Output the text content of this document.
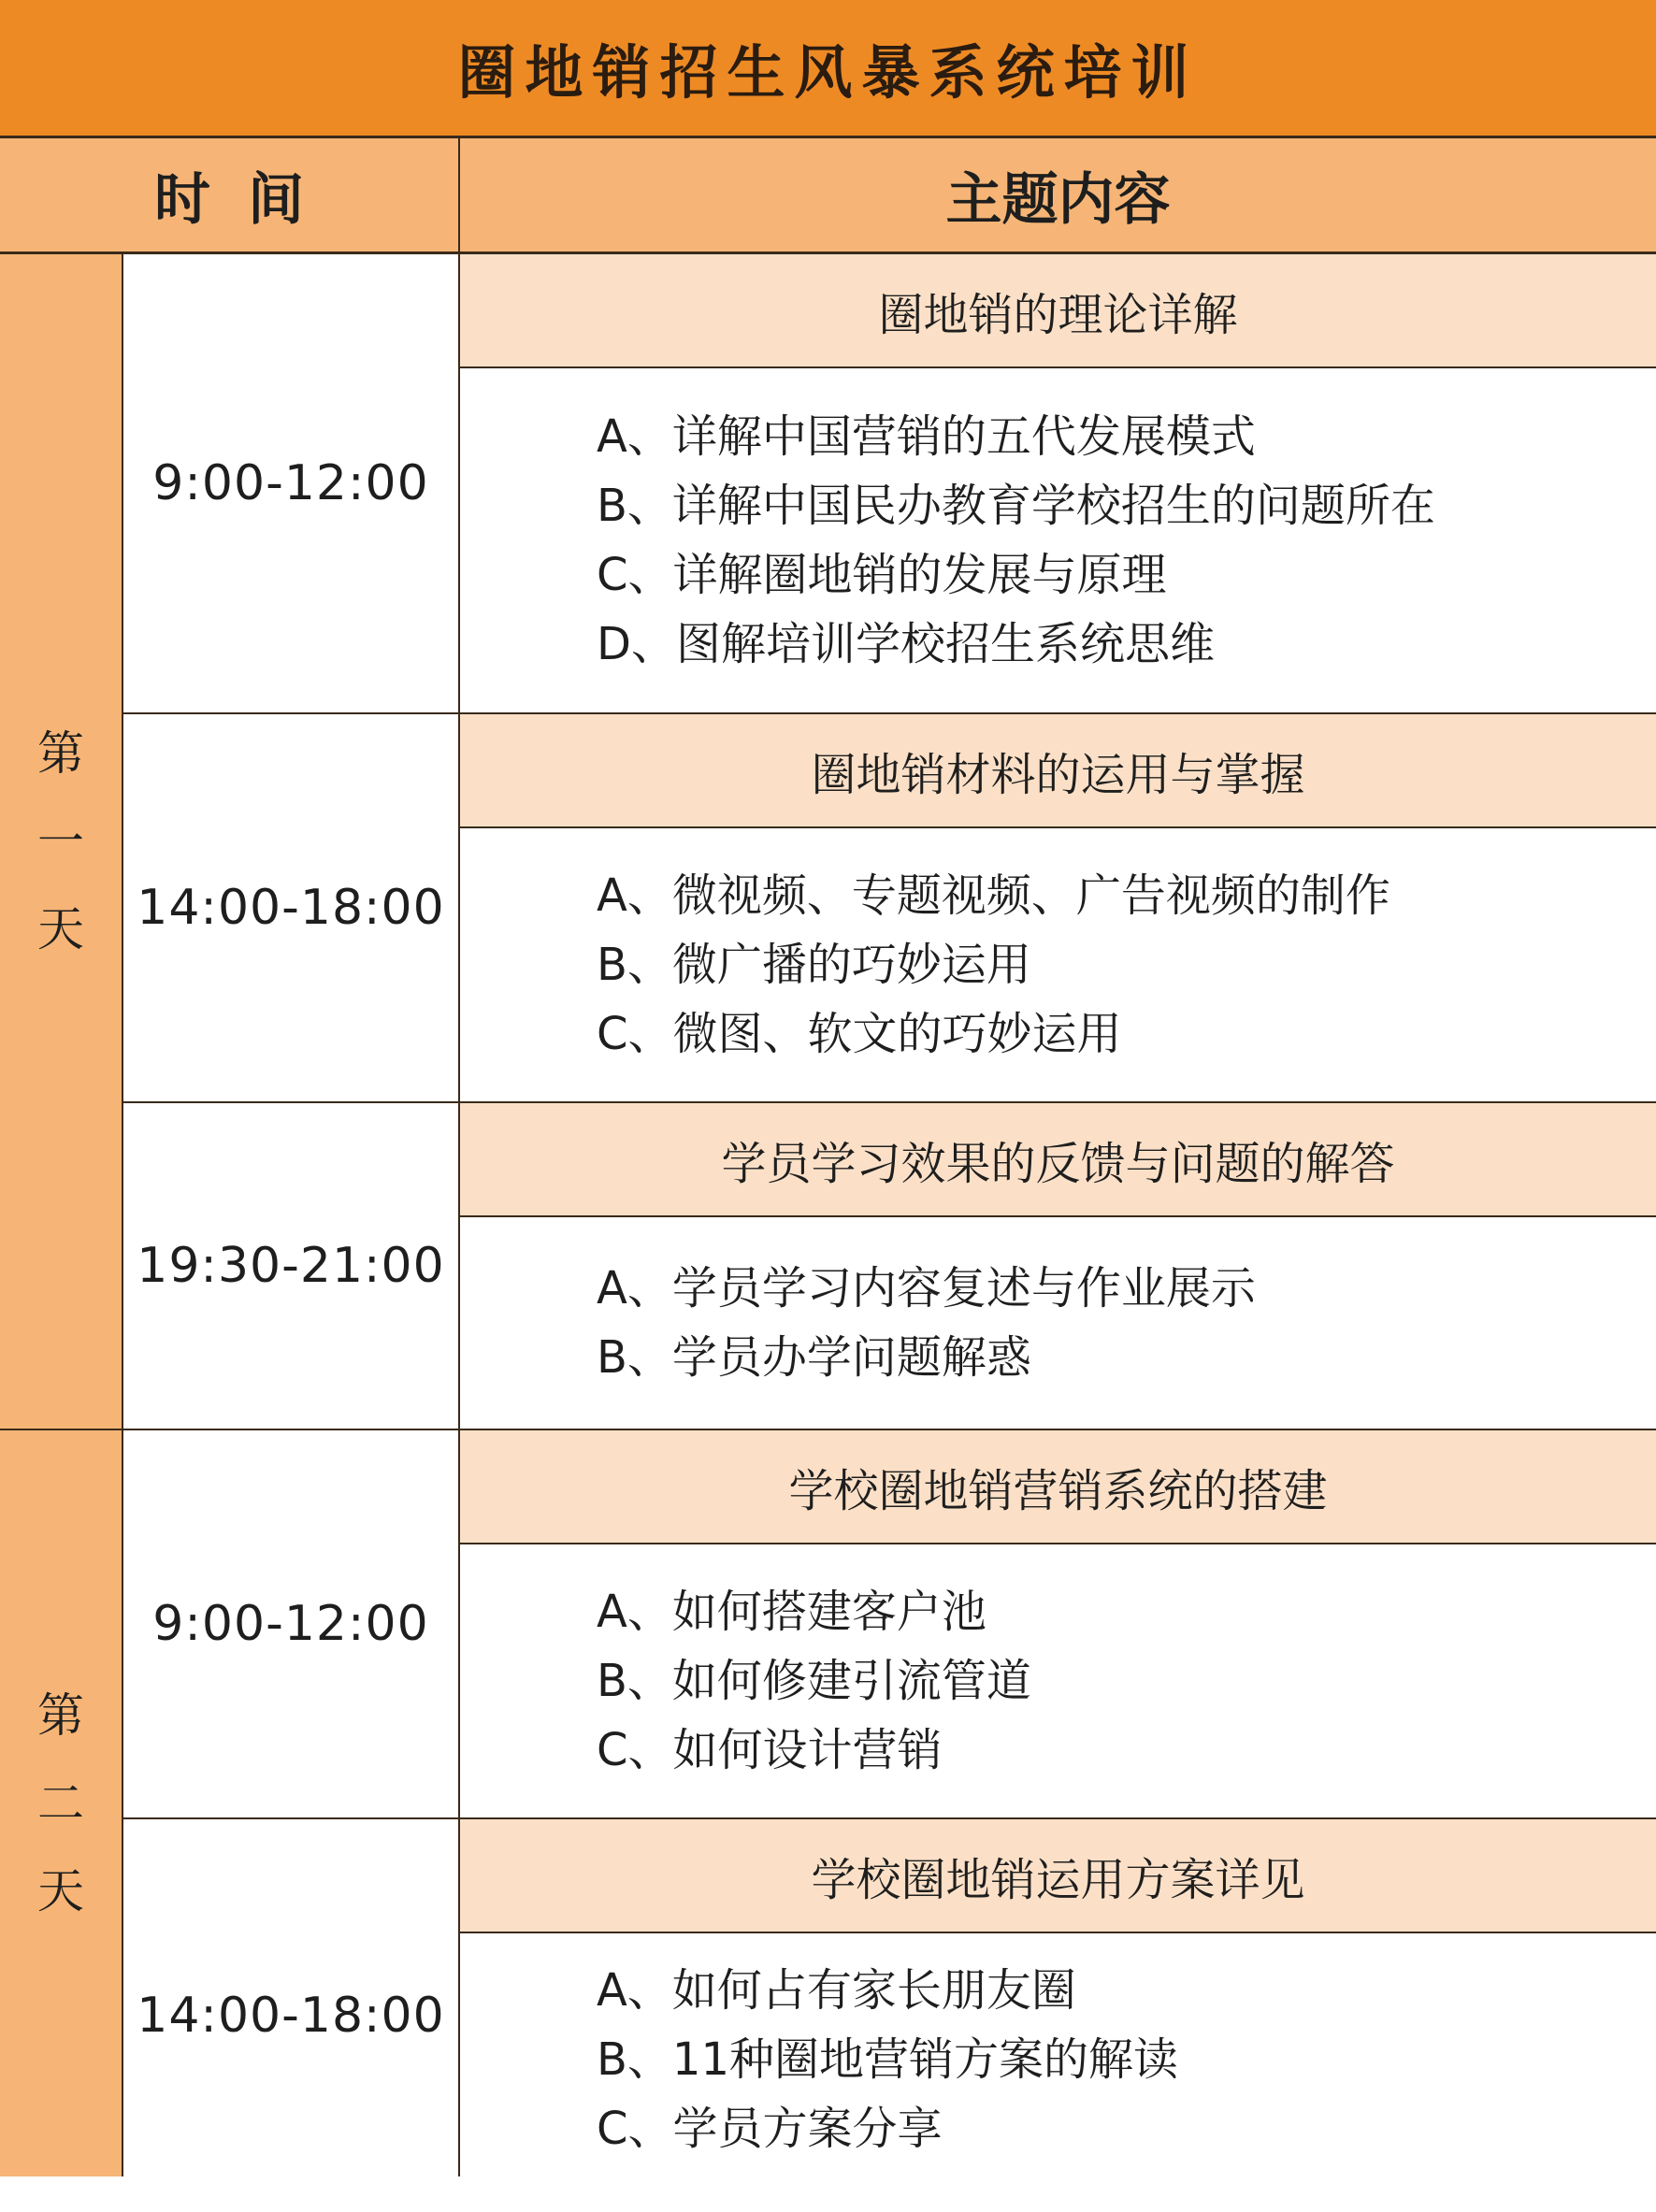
圈地销招生风暴系统培训
时间	主题内容
第
一
天
第
二
天
9:00-12:00
圈地销的理论详解
A、详解中国营销的五代发展模式
B、详解中国民办教育学校招生的问题所在
C、详解圈地销的发展与原理
D、图解培训学校招生系统思维
14:00-18:00
圈地销材料的运用与掌握
A、微视频、专题视频、广告视频的制作
B、微广播的巧妙运用
C、微图、软文的巧妙运用
19:30-21:00
学员学习效果的反馈与问题的解答
A、学员学习内容复述与作业展示
B、学员办学问题解惑
9:00-12:00
学校圈地销营销系统的搭建
A、如何搭建客户池
B、如何修建引流管道
C、如何设计营销
14:00-18:00
学校圈地销运用方案详见
A、如何占有家长朋友圈
B、11种圈地营销方案的解读
C、学员方案分享
